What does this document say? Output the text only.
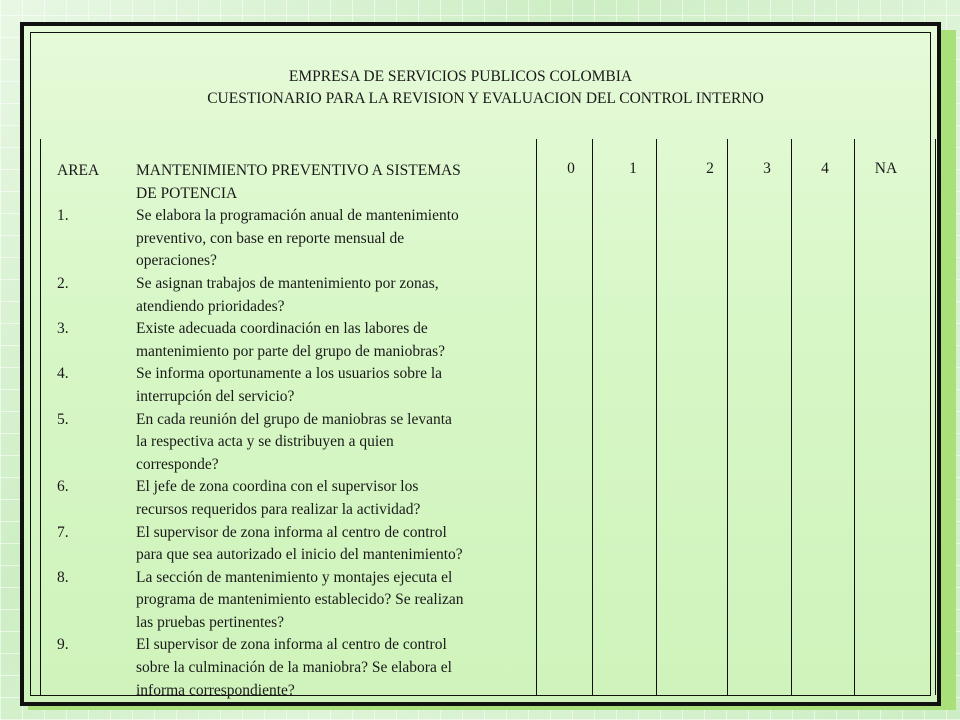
EMPRESA DE SERVICIOS PUBLICOS COLOMBIA
CUESTIONARIO PARA LA REVISION Y EVALUACION DEL CONTROL INTERNO
0	1	2	3	4	NA
AREA MANTENIMIENTO PREVENTIVO A SISTEMAS
DE POTENCIA
1.	Se elabora la programación anual de mantenimiento
preventivo, con base en reporte mensual de
operaciones?
2.	Se asignan trabajos de mantenimiento por zonas,
atendiendo prioridades?
3.	Existe adecuada coordinación en las labores de
mantenimiento por parte del grupo de maniobras?
4.	Se informa oportunamente a los usuarios sobre la
interrupción del servicio?
5.	En cada reunión del grupo de maniobras se levanta
la respectiva acta y se distribuyen a quien
corresponde?
6.	El jefe de zona coordina con el supervisor los
recursos requeridos para realizar la actividad?
7.	El supervisor de zona informa al centro de control
para que sea autorizado el inicio del mantenimiento?
8.	La sección de mantenimiento y montajes ejecuta el
programa de mantenimiento establecido? Se realizan
las pruebas pertinentes?
9.	El supervisor de zona informa al centro de control
sobre la culminación de la maniobra? Se elabora el
informa correspondiente?
